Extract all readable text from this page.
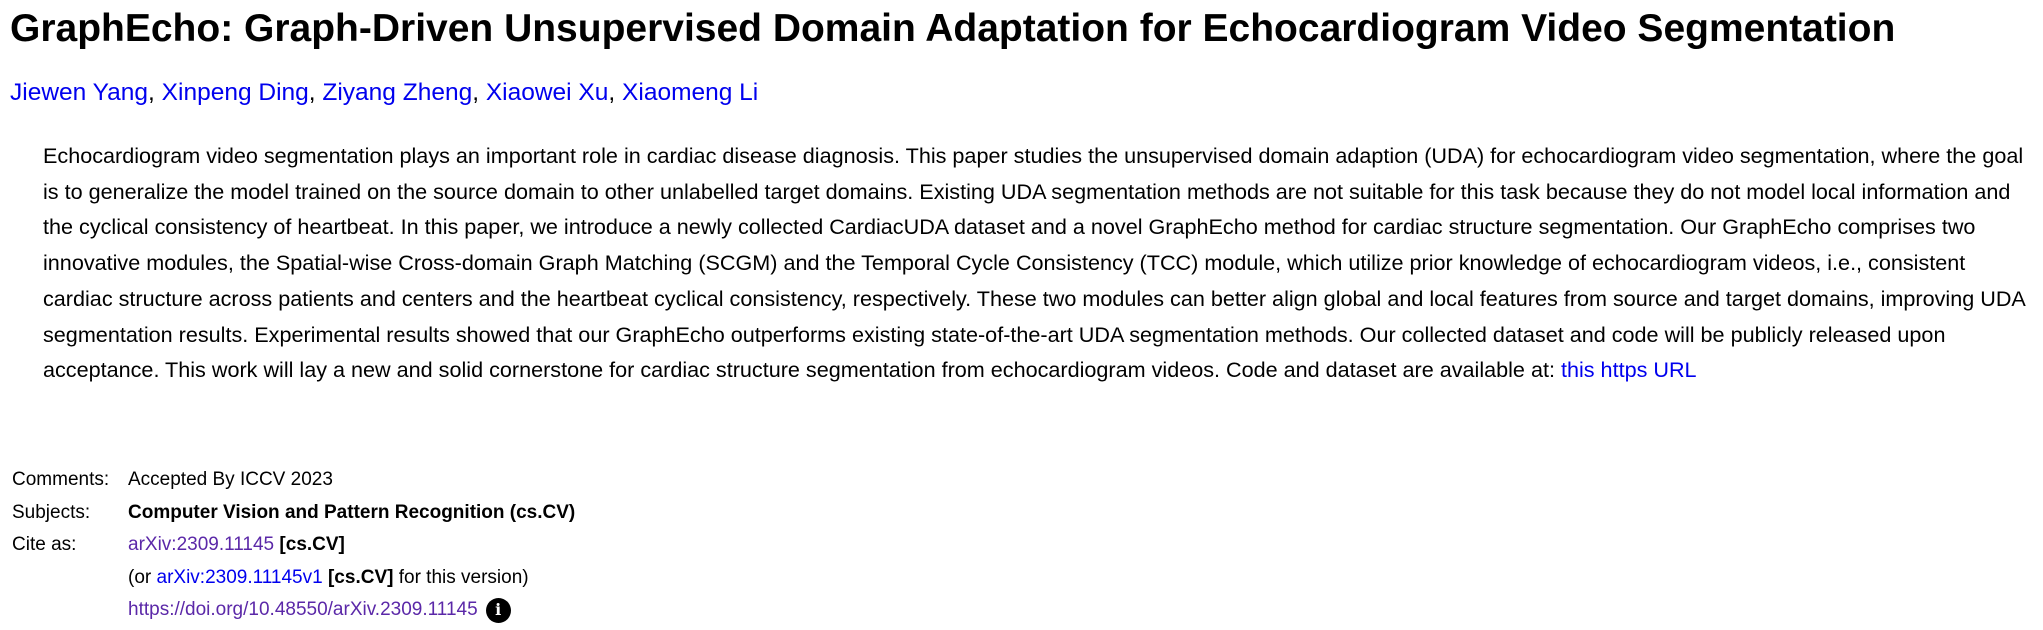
GraphEcho: Graph-Driven Unsupervised Domain Adaptation for Echocardiogram Video Segmentation
Jiewen Yang, Xinpeng Ding, Ziyang Zheng, Xiaowei Xu, Xiaomeng Li

Echocardiogram video segmentation plays an important role in cardiac disease diagnosis. This paper studies the unsupervised domain adaption (UDA) for echocardiogram video segmentation, where the goal is to generalize the model trained on the source domain to other unlabelled target domains. Existing UDA segmentation methods are not suitable for this task because they do not model local information and the cyclical consistency of heartbeat. In this paper, we introduce a newly collected CardiacUDA dataset and a novel GraphEcho method for cardiac structure segmentation. Our GraphEcho comprises two innovative modules, the Spatial-wise Cross-domain Graph Matching (SCGM) and the Temporal Cycle Consistency (TCC) module, which utilize prior knowledge of echocardiogram videos, i.e., consistent cardiac structure across patients and centers and the heartbeat cyclical consistency, respectively. These two modules can better align global and local features from source and target domains, improving UDA segmentation results. Experimental results showed that our GraphEcho outperforms existing state-of-the-art UDA segmentation methods. Our collected dataset and code will be publicly released upon acceptance. This work will lay a new and solid cornerstone for cardiac structure segmentation from echocardiogram videos. Code and dataset are available at: this https URL

Comments: Accepted By ICCV 2023
Subjects:	Computer Vision and Pattern Recognition (cs.CV)
Cite as:	arXiv:2309.11145 [cs.CV]
(or arXiv:2309.11145v1 [cs.CV] for this version)
https://doi.org/10.48550/arXiv.2309.11145 i
